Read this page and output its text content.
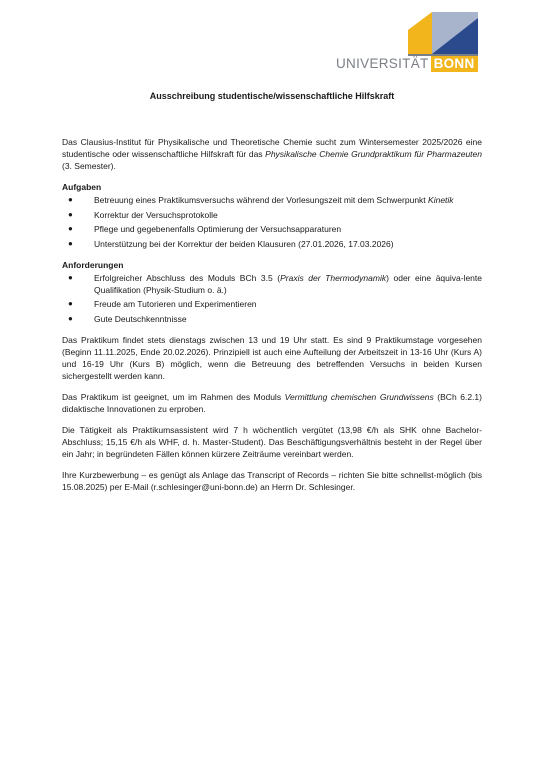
UNIVERSITÄT BONN
Ausschreibung studentische/wissenschaftliche Hilfskraft

Das Clausius-Institut für Physikalische und Theoretische Chemie sucht zum Wintersemester 2025/2026 eine studentische oder wissenschaftliche Hilfskraft für das Physikalische Chemie Grundpraktikum für Pharmazeuten (3. Semester).

Aufgaben
● Betreuung eines Praktikumsversuchs während der Vorlesungszeit mit dem Schwerpunkt Kinetik
● Korrektur der Versuchsprotokolle
● Pflege und gegebenenfalls Optimierung der Versuchsapparaturen
● Unterstützung bei der Korrektur der beiden Klausuren (27.01.2026, 17.03.2026)
Anforderungen
● Erfolgreicher Abschluss des Moduls BCh 3.5 (Praxis der Thermodynamik) oder eine äquiva-lente Qualifikation (Physik-Studium o. ä.)
● Freude am Tutorieren und Experimentieren
● Gute Deutschkenntnisse

Das Praktikum findet stets dienstags zwischen 13 und 19 Uhr statt. Es sind 9 Praktikumstage vorgesehen (Beginn 11.11.2025, Ende 20.02.2026). Prinzipiell ist auch eine Aufteilung der Arbeitszeit in 13-16 Uhr (Kurs A) und 16-19 Uhr (Kurs B) möglich, wenn die Betreuung des betreffenden Versuchs in beiden Kursen sichergestellt werden kann.

Das Praktikum ist geeignet, um im Rahmen des Moduls Vermittlung chemischen Grundwissens (BCh 6.2.1) didaktische Innovationen zu erproben.

Die Tätigkeit als Praktikumsassistent wird 7 h wöchentlich vergütet (13,98 €/h als SHK ohne Bachelor-Abschluss; 15,15 €/h als WHF, d. h. Master-Student). Das Beschäftigungsverhältnis besteht in der Regel über ein Jahr; in begründeten Fällen können kürzere Zeiträume vereinbart werden.

Ihre Kurzbewerbung – es genügt als Anlage das Transcript of Records – richten Sie bitte schnellst-möglich (bis 15.08.2025) per E-Mail (r.schlesinger@uni-bonn.de) an Herrn Dr. Schlesinger.
